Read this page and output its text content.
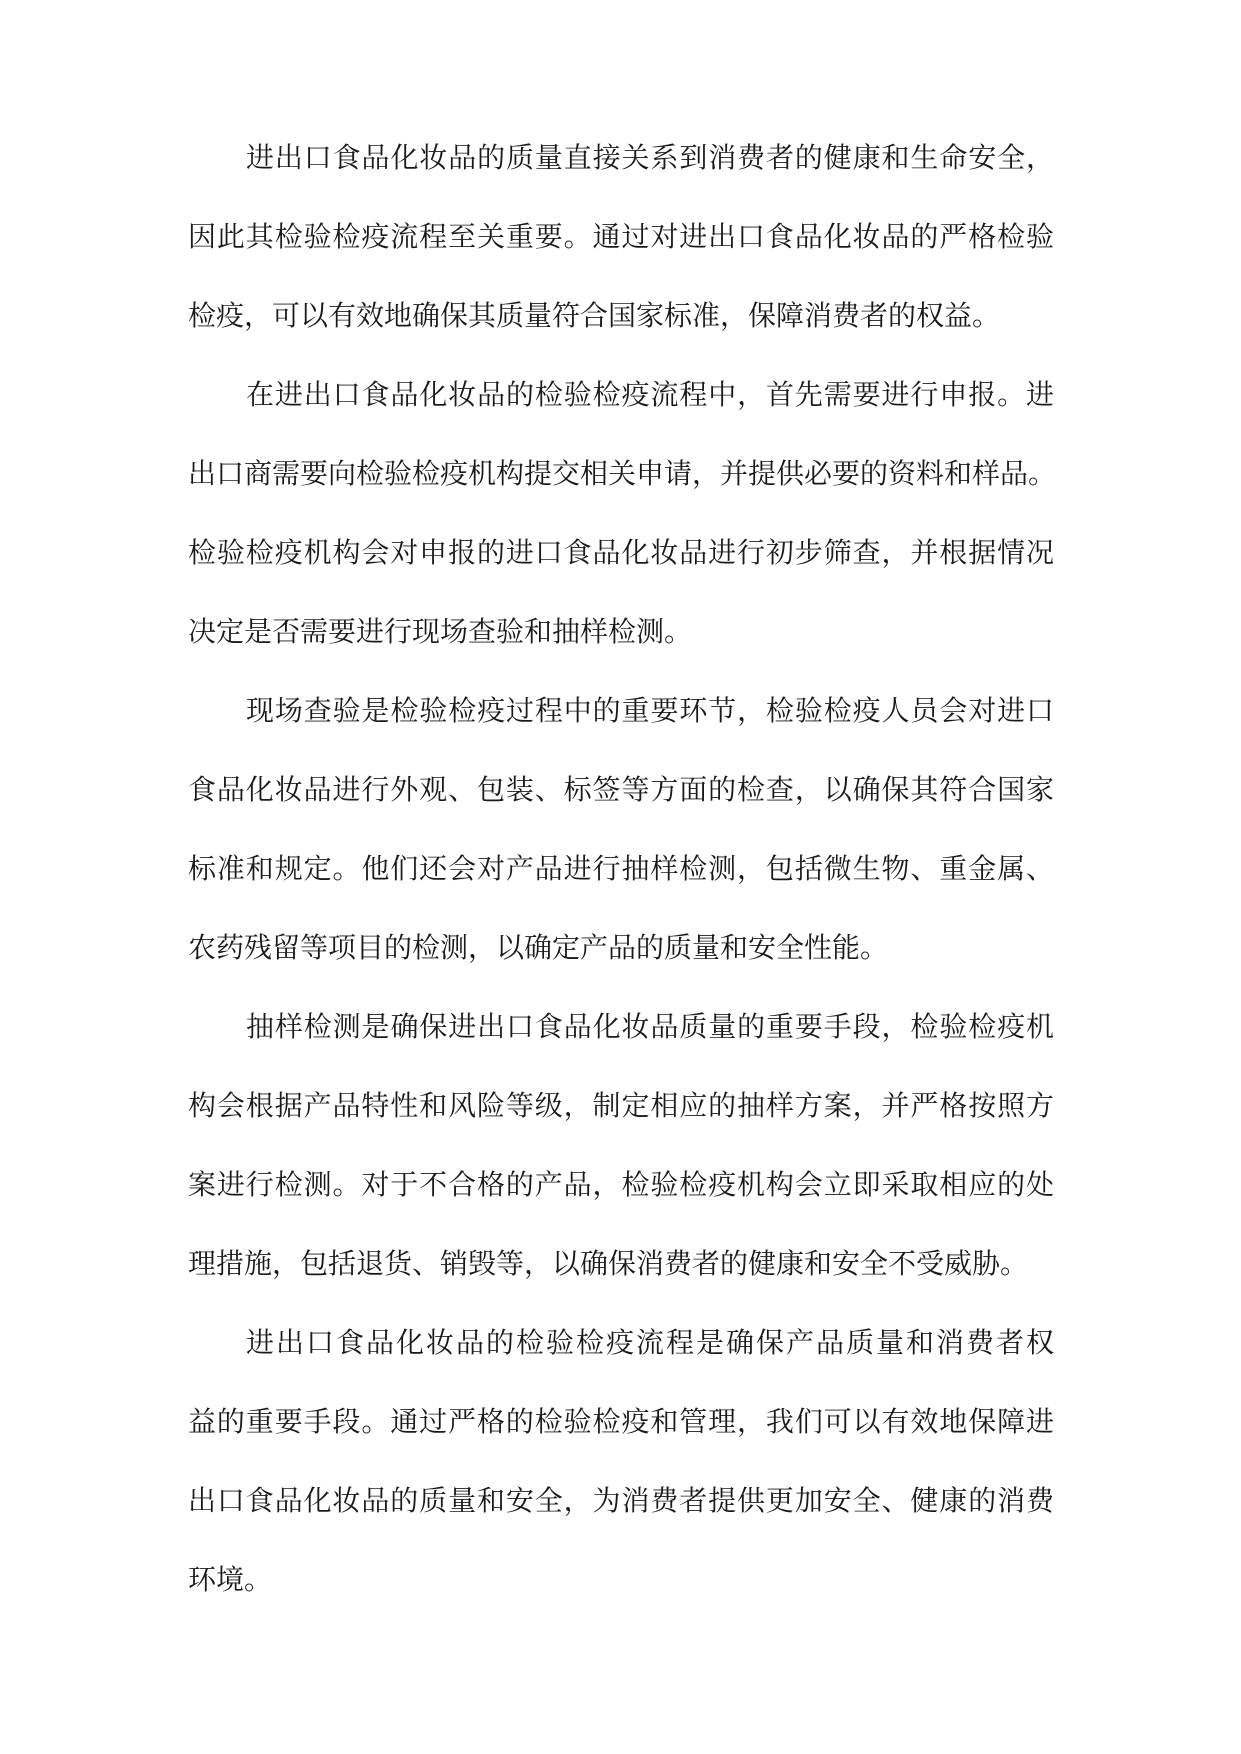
进出口食品化妆品的质量直接关系到消费者的健康和生命安全，
因此其检验检疫流程至关重要。通过对进出口食品化妆品的严格检验
检疫，可以有效地确保其质量符合国家标准，保障消费者的权益。
在进出口食品化妆品的检验检疫流程中，首先需要进行申报。进
出口商需要向检验检疫机构提交相关申请，并提供必要的资料和样品。
检验检疫机构会对申报的进口食品化妆品进行初步筛查，并根据情况
决定是否需要进行现场查验和抽样检测。
现场查验是检验检疫过程中的重要环节，检验检疫人员会对进口
食品化妆品进行外观、包装、标签等方面的检查，以确保其符合国家
标准和规定。他们还会对产品进行抽样检测，包括微生物、重金属、
农药残留等项目的检测，以确定产品的质量和安全性能。
抽样检测是确保进出口食品化妆品质量的重要手段，检验检疫机
构会根据产品特性和风险等级，制定相应的抽样方案，并严格按照方
案进行检测。对于不合格的产品，检验检疫机构会立即采取相应的处
理措施，包括退货、销毁等，以确保消费者的健康和安全不受威胁。
进出口食品化妆品的检验检疫流程是确保产品质量和消费者权
益的重要手段。通过严格的检验检疫和管理，我们可以有效地保障进
出口食品化妆品的质量和安全，为消费者提供更加安全、健康的消费
环境。
